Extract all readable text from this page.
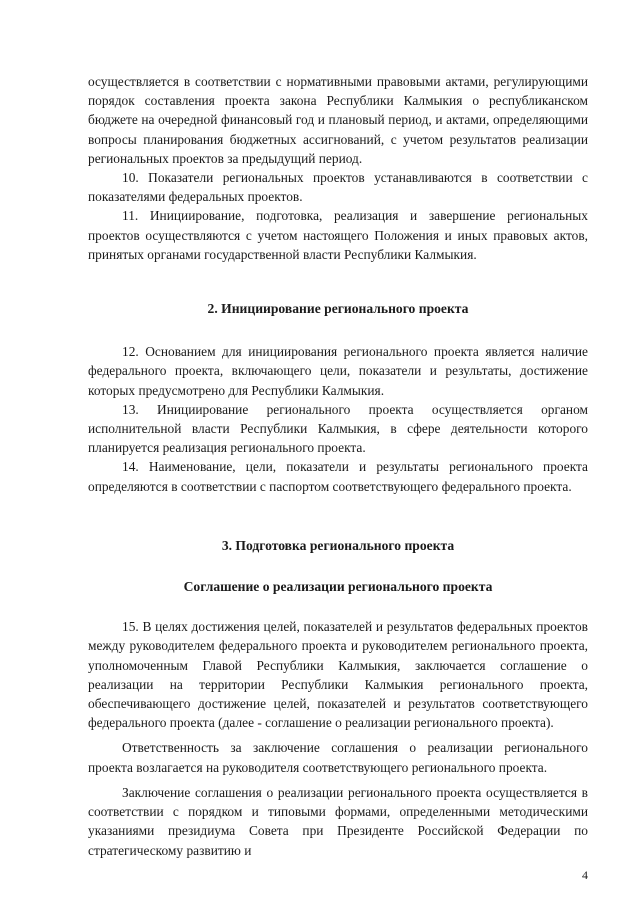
осуществляется в соответствии с нормативными правовыми актами, регулирующими порядок составления проекта закона Республики Калмыкия о республиканском бюджете на очередной финансовый год и плановый период, и актами, определяющими вопросы планирования бюджетных ассигнований, с учетом результатов реализации региональных проектов за предыдущий период.

10. Показатели региональных проектов устанавливаются в соответствии с показателями федеральных проектов.

11. Инициирование, подготовка, реализация и завершение региональных проектов осуществляются с учетом настоящего Положения и иных правовых актов, принятых органами государственной власти Республики Калмыкия.

2. Инициирование регионального проекта

12. Основанием для инициирования регионального проекта является наличие федерального проекта, включающего цели, показатели и результаты, достижение которых предусмотрено для Республики Калмыкия.

13. Инициирование регионального проекта осуществляется органом исполнительной власти Республики Калмыкия, в сфере деятельности которого планируется реализация регионального проекта.

14. Наименование, цели, показатели и результаты регионального проекта определяются в соответствии с паспортом соответствующего федерального проекта.

3. Подготовка регионального проекта
Соглашение о реализации регионального проекта

15. В целях достижения целей, показателей и результатов федеральных проектов между руководителем федерального проекта и руководителем регионального проекта, уполномоченным Главой Республики Калмыкия, заключается соглашение о реализации на территории Республики Калмыкия регионального проекта, обеспечивающего достижение целей, показателей и результатов соответствующего федерального проекта (далее - соглашение о реализации регионального проекта).

Ответственность за заключение соглашения о реализации регионального проекта возлагается на руководителя соответствующего регионального проекта.

Заключение соглашения о реализации регионального проекта осуществляется в соответствии с порядком и типовыми формами, определенными методическими указаниями президиума Совета при Президенте Российской Федерации по стратегическому развитию и

4
